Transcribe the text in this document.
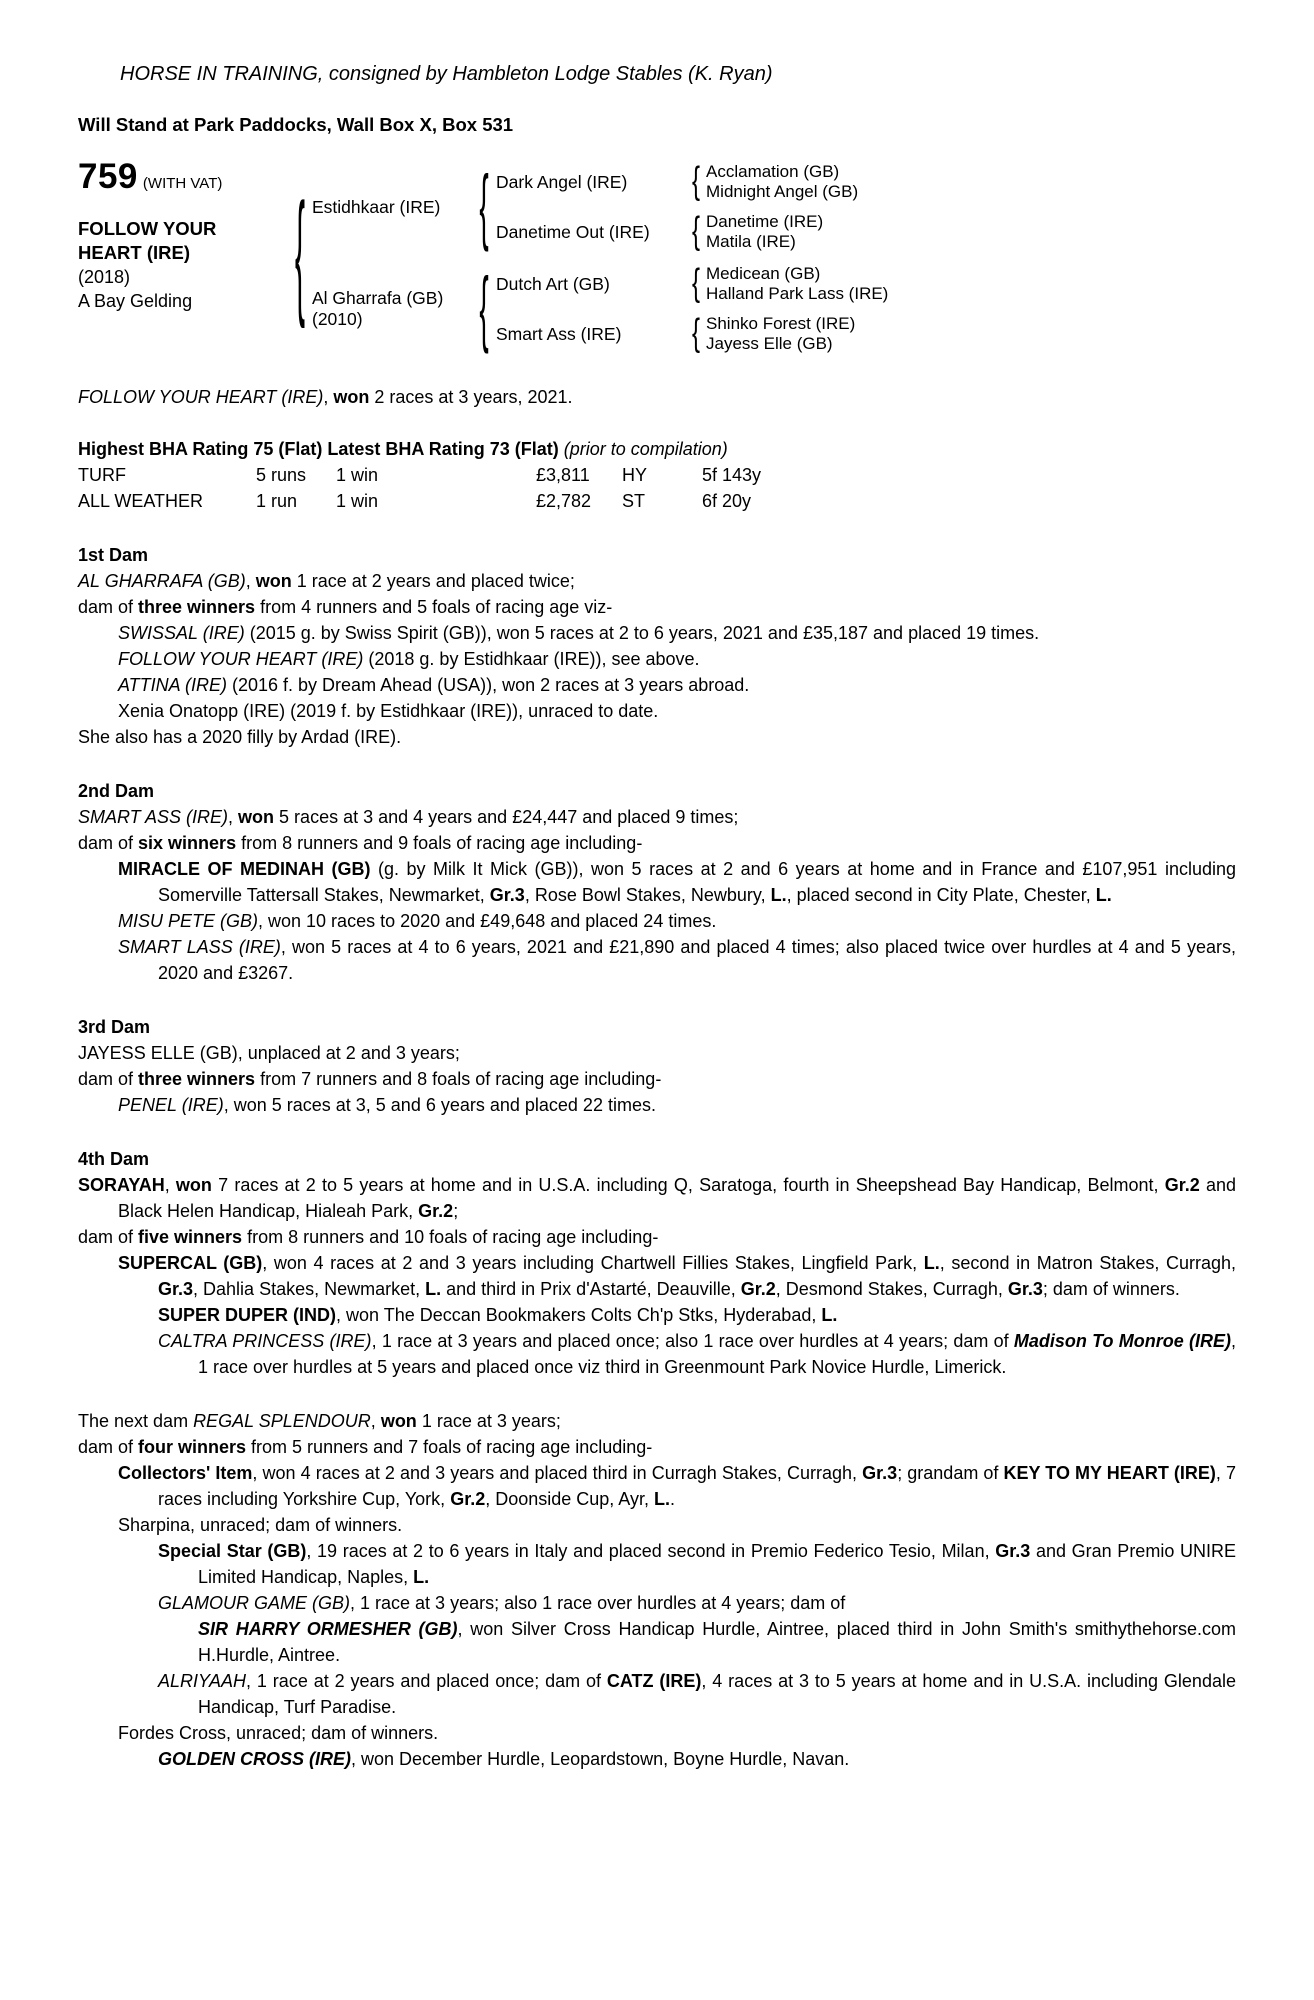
HORSE IN TRAINING, consigned by Hambleton Lodge Stables (K. Ryan)
Will Stand at Park Paddocks, Wall Box X, Box 531
759 (WITH VAT)
FOLLOW YOUR HEART (IRE)
(2018)
A Bay Gelding	{ Estidhkaar (IRE)	{ Dark Angel (IRE)	{ Acclamation (GB)
Midnight Angel (GB)
Danetime Out (IRE)	{ Danetime (IRE)
Matila (IRE)
Al Gharrafa (GB)
(2010)	{ Dutch Art (GB)	{ Medicean (GB)
Halland Park Lass (IRE)
Smart Ass (IRE)	{ Shinko Forest (IRE)
Jayess Elle (GB)

FOLLOW YOUR HEART (IRE), won 2 races at 3 years, 2021.

Highest BHA Rating 75 (Flat) Latest BHA Rating 73 (Flat) (prior to compilation)

TURF	5 runs	1 win	£3,811	HY	5f 143y
ALL WEATHER	1 run	1 win	£2,782	ST	6f 20y
1st Dam

AL GHARRAFA (GB), won 1 race at 2 years and placed twice;

dam of three winners from 4 runners and 5 foals of racing age viz-

SWISSAL (IRE) (2015 g. by Swiss Spirit (GB)), won 5 races at 2 to 6 years, 2021 and £35,187 and placed 19 times.

FOLLOW YOUR HEART (IRE) (2018 g. by Estidhkaar (IRE)), see above.

ATTINA (IRE) (2016 f. by Dream Ahead (USA)), won 2 races at 3 years abroad.

Xenia Onatopp (IRE) (2019 f. by Estidhkaar (IRE)), unraced to date.

She also has a 2020 filly by Ardad (IRE).

2nd Dam

SMART ASS (IRE), won 5 races at 3 and 4 years and £24,447 and placed 9 times;

dam of six winners from 8 runners and 9 foals of racing age including-

MIRACLE OF MEDINAH (GB) (g. by Milk It Mick (GB)), won 5 races at 2 and 6 years at home and in France and £107,951 including Somerville Tattersall Stakes, Newmarket, Gr.3, Rose Bowl Stakes, Newbury, L., placed second in City Plate, Chester, L.

MISU PETE (GB), won 10 races to 2020 and £49,648 and placed 24 times.

SMART LASS (IRE), won 5 races at 4 to 6 years, 2021 and £21,890 and placed 4 times; also placed twice over hurdles at 4 and 5 years, 2020 and £3267.

3rd Dam

JAYESS ELLE (GB), unplaced at 2 and 3 years;

dam of three winners from 7 runners and 8 foals of racing age including-

PENEL (IRE), won 5 races at 3, 5 and 6 years and placed 22 times.

4th Dam

SORAYAH, won 7 races at 2 to 5 years at home and in U.S.A. including Q, Saratoga, fourth in Sheepshead Bay Handicap, Belmont, Gr.2 and Black Helen Handicap, Hialeah Park, Gr.2;

dam of five winners from 8 runners and 10 foals of racing age including-

SUPERCAL (GB), won 4 races at 2 and 3 years including Chartwell Fillies Stakes, Lingfield Park, L., second in Matron Stakes, Curragh, Gr.3, Dahlia Stakes, Newmarket, L. and third in Prix d'Astarté, Deauville, Gr.2, Desmond Stakes, Curragh, Gr.3; dam of winners.

SUPER DUPER (IND), won The Deccan Bookmakers Colts Ch'p Stks, Hyderabad, L.

CALTRA PRINCESS (IRE), 1 race at 3 years and placed once; also 1 race over hurdles at 4 years; dam of Madison To Monroe (IRE), 1 race over hurdles at 5 years and placed once viz third in Greenmount Park Novice Hurdle, Limerick.

The next dam REGAL SPLENDOUR, won 1 race at 3 years;

dam of four winners from 5 runners and 7 foals of racing age including-

Collectors' Item, won 4 races at 2 and 3 years and placed third in Curragh Stakes, Curragh, Gr.3; grandam of KEY TO MY HEART (IRE), 7 races including Yorkshire Cup, York, Gr.2, Doonside Cup, Ayr, L..

Sharpina, unraced; dam of winners.

Special Star (GB), 19 races at 2 to 6 years in Italy and placed second in Premio Federico Tesio, Milan, Gr.3 and Gran Premio UNIRE Limited Handicap, Naples, L.

GLAMOUR GAME (GB), 1 race at 3 years; also 1 race over hurdles at 4 years; dam of

SIR HARRY ORMESHER (GB), won Silver Cross Handicap Hurdle, Aintree, placed third in John Smith's smithythehorse.com H.Hurdle, Aintree.

ALRIYAAH, 1 race at 2 years and placed once; dam of CATZ (IRE), 4 races at 3 to 5 years at home and in U.S.A. including Glendale Handicap, Turf Paradise.

Fordes Cross, unraced; dam of winners.

GOLDEN CROSS (IRE), won December Hurdle, Leopardstown, Boyne Hurdle, Navan.
